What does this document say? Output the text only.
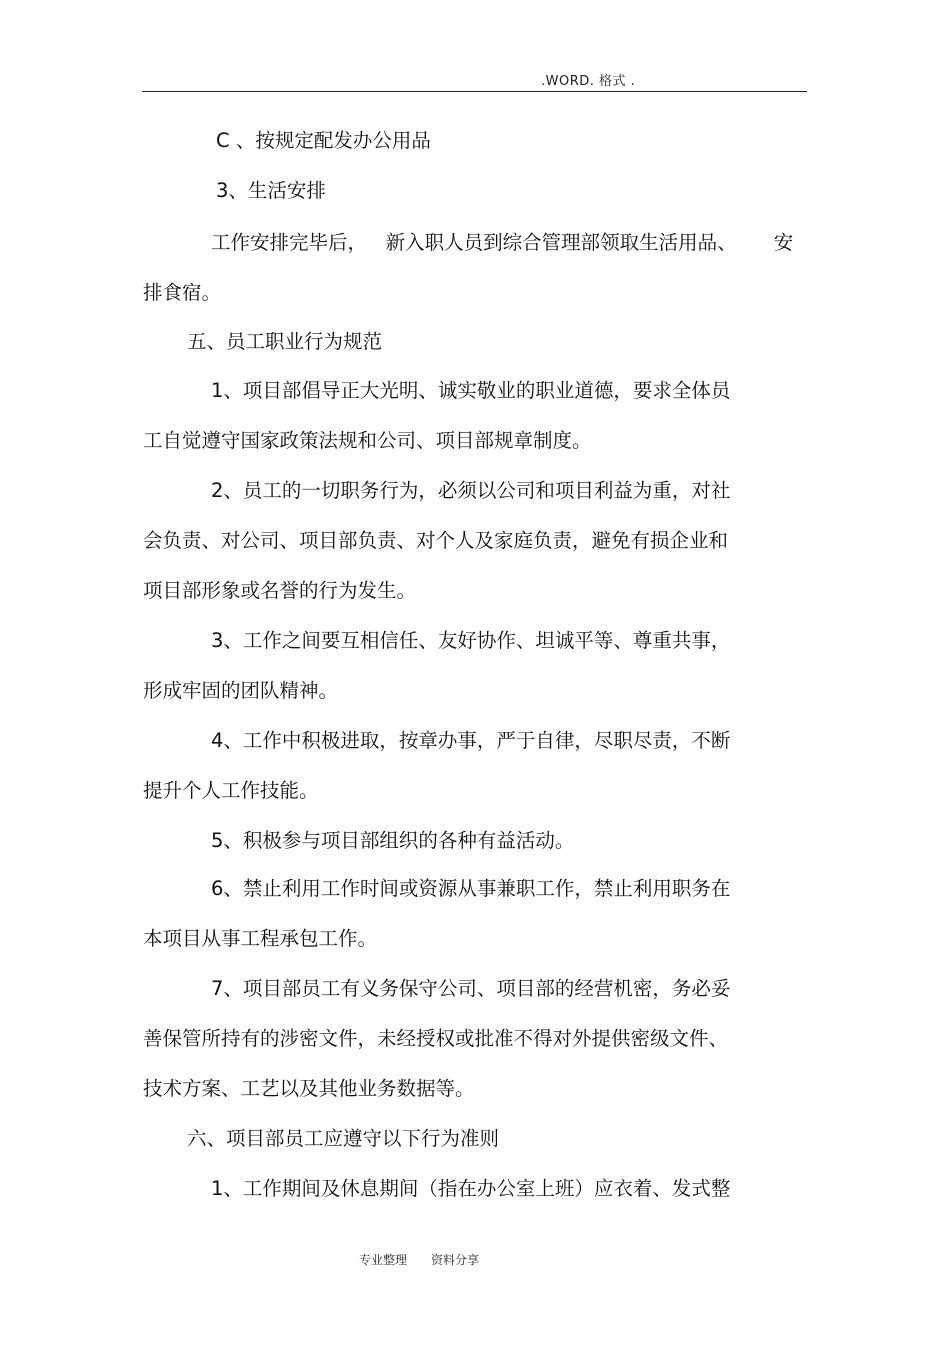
.WORD. 格式 .
C 、按规定配发办公用品
3、生活安排
工作安排完毕后，   新入职人员到综合管理部领取生活用品、      安
排食宿。
五、员工职业行为规范
1、项目部倡导正大光明、诚实敬业的职业道德，要求全体员
工自觉遵守国家政策法规和公司、项目部规章制度。
2、员工的一切职务行为，必须以公司和项目利益为重，对社
会负责、对公司、项目部负责、对个人及家庭负责，避免有损企业和
项目部形象或名誉的行为发生。
3、工作之间要互相信任、友好协作、坦诚平等、尊重共事，
形成牢固的团队精神。
4、工作中积极进取，按章办事，严于自律，尽职尽责，不断
提升个人工作技能。
5、积极参与项目部组织的各种有益活动。
6、禁止利用工作时间或资源从事兼职工作，禁止利用职务在
本项目从事工程承包工作。
7、项目部员工有义务保守公司、项目部的经营机密，务必妥
善保管所持有的涉密文件，未经授权或批准不得对外提供密级文件、
技术方案、工艺以及其他业务数据等。
六、项目部员工应遵守以下行为准则
1、工作期间及休息期间（指在办公室上班）应衣着、发式整
专业整理 资料分享
